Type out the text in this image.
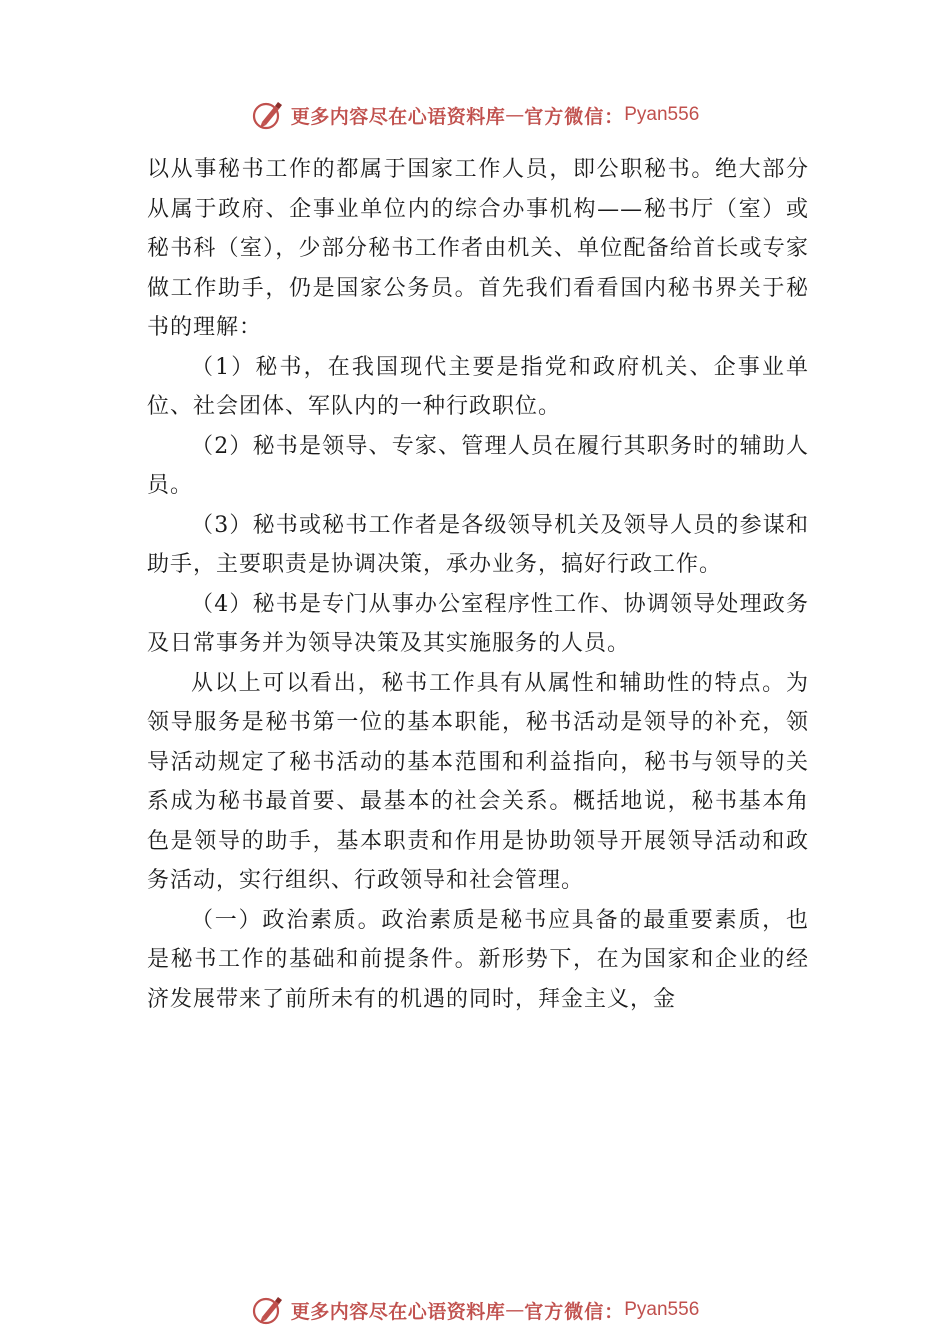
更多内容尽在心语资料库 — 官方微信： Pyan556

以从事秘书工作的都属于国家工作人员，即公职秘书。绝大部分从属于政府、企事业单位内的综合办事机构——秘书厅（室）或秘书科（室），少部分秘书工作者由机关、单位配备给首长或专家做工作助手，仍是国家公务员。首先我们看看国内秘书界关于秘书的理解：

（1）秘书，在我国现代主要是指党和政府机关、企事业单位、社会团体、军队内的一种行政职位。

（2）秘书是领导、专家、管理人员在履行其职务时的辅助人员。

（3）秘书或秘书工作者是各级领导机关及领导人员的参谋和助手，主要职责是协调决策，承办业务，搞好行政工作。

（4）秘书是专门从事办公室程序性工作、协调领导处理政务及日常事务并为领导决策及其实施服务的人员。

从以上可以看出，秘书工作具有从属性和辅助性的特点。为领导服务是秘书第一位的基本职能，秘书活动是领导的补充，领导活动规定了秘书活动的基本范围和利益指向，秘书与领导的关系成为秘书最首要、最基本的社会关系。概括地说，秘书基本角色是领导的助手，基本职责和作用是协助领导开展领导活动和政务活动，实行组织、行政领导和社会管理。

（一）政治素质。政治素质是秘书应具备的最重要素质，也是秘书工作的基础和前提条件。新形势下，在为国家和企业的经济发展带来了前所未有的机遇的同时，拜金主义，金

更多内容尽在心语资料库 — 官方微信： Pyan556
